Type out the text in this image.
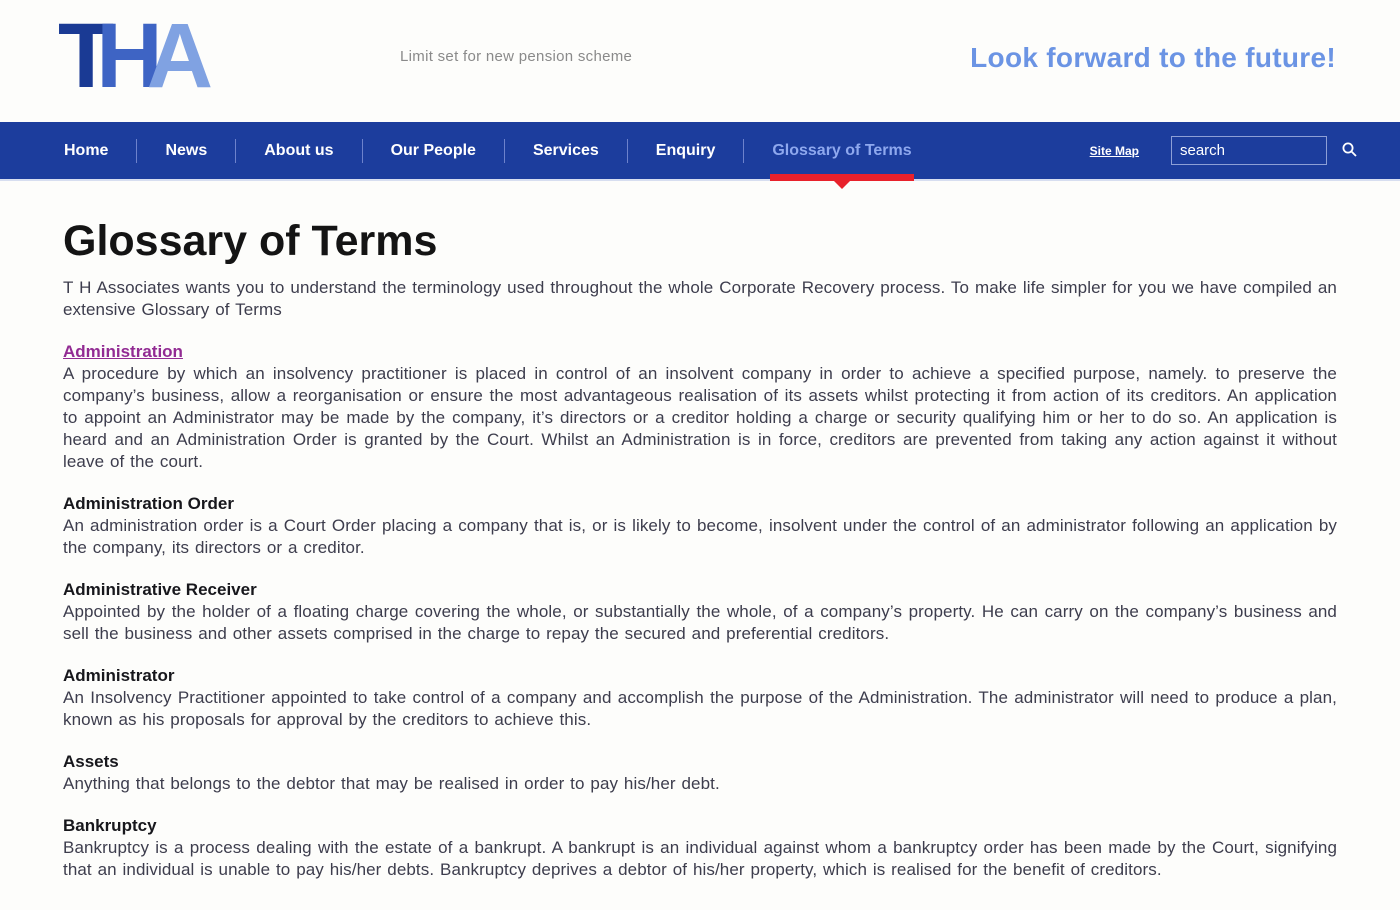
THA	Limit set for new pension scheme	Look forward to the future!
Home	News	About us	Our People	Services	Enquiry	Glossary of Terms	Site Map
search
Glossary of Terms

T H Associates wants you to understand the terminology used throughout the whole Corporate Recovery process. To make life simpler for you we have compiled an extensive Glossary of Terms

Administration

A procedure by which an insolvency practitioner is placed in control of an insolvent company in order to achieve a specified purpose, namely. to preserve the company’s business, allow a reorganisation or ensure the most advantageous realisation of its assets whilst protecting it from action of its creditors. An application to appoint an Administrator may be made by the company, it’s directors or a creditor holding a charge or security qualifying him or her to do so. An application is heard and an Administration Order is granted by the Court. Whilst an Administration is in force, creditors are prevented from taking any action against it without leave of the court.

Administration Order

An administration order is a Court Order placing a company that is, or is likely to become, insolvent under the control of an administrator following an application by the company, its directors or a creditor.

Administrative Receiver

Appointed by the holder of a floating charge covering the whole, or substantially the whole, of a company’s property. He can carry on the company’s business and sell the business and other assets comprised in the charge to repay the secured and preferential creditors.

Administrator

An Insolvency Practitioner appointed to take control of a company and accomplish the purpose of the Administration. The administrator will need to produce a plan, known as his proposals for approval by the creditors to achieve this.

Assets

Anything that belongs to the debtor that may be realised in order to pay his/her debt.

Bankruptcy

Bankruptcy is a process dealing with the estate of a bankrupt. A bankrupt is an individual against whom a bankruptcy order has been made by the Court, signifying that an individual is unable to pay his/her debts. Bankruptcy deprives a debtor of his/her property, which is realised for the benefit of creditors.
